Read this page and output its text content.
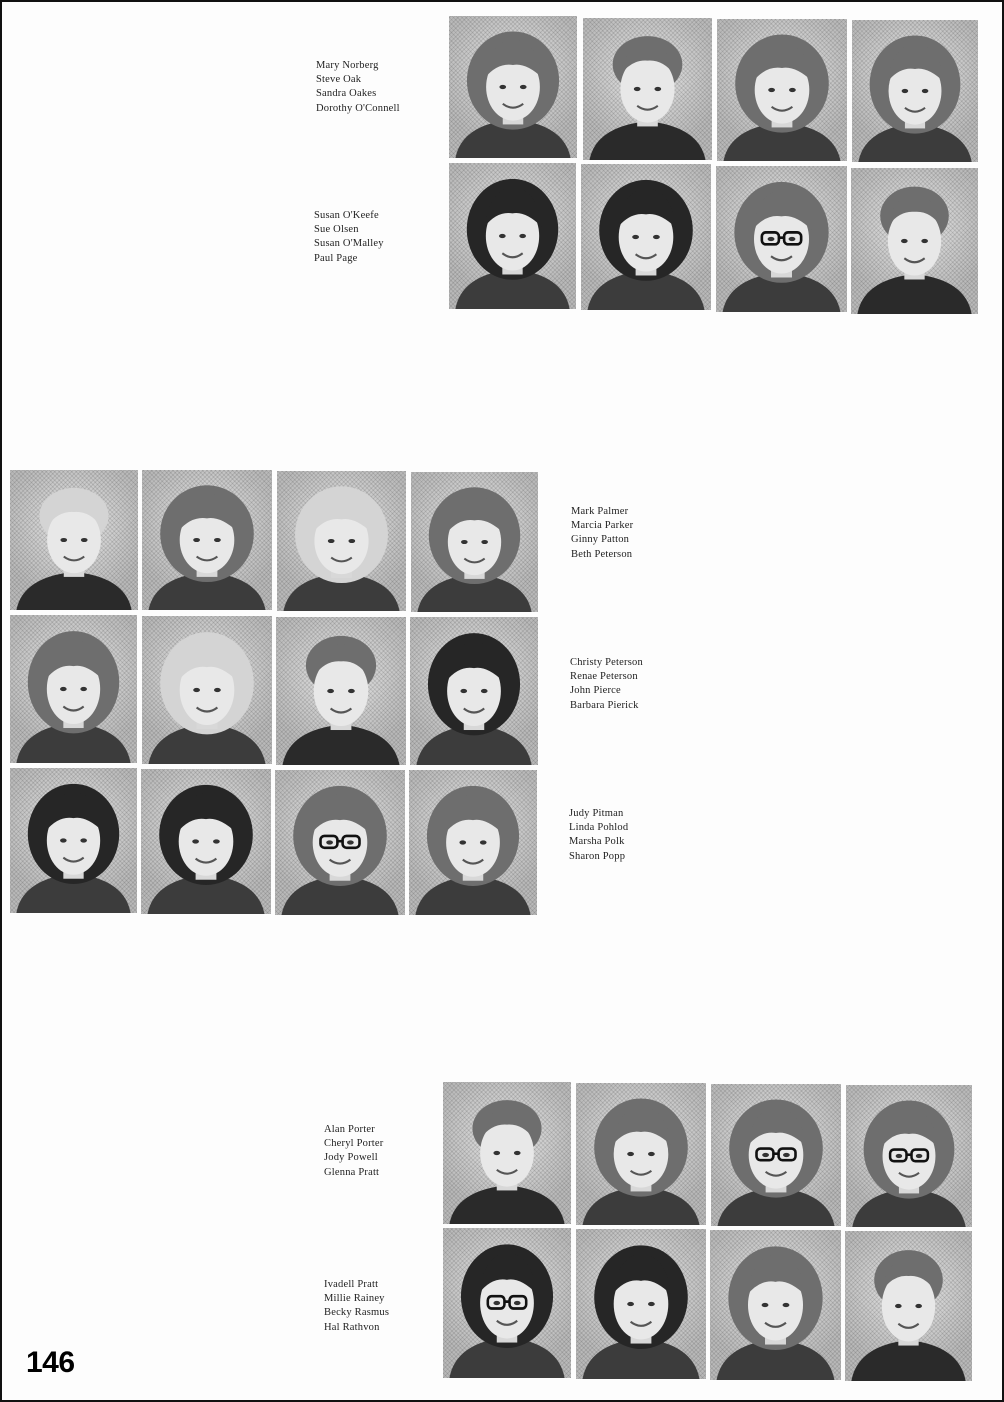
Mary Norberg
Steve Oak
Sandra Oakes
Dorothy O'Connell
Susan O'Keefe
Sue Olsen
Susan O'Malley
Paul Page
Mark Palmer
Marcia Parker
Ginny Patton
Beth Peterson
Christy Peterson
Renae Peterson
John Pierce
Barbara Pierick
Judy Pitman
Linda Pohlod
Marsha Polk
Sharon Popp
Alan Porter
Cheryl Porter
Jody Powell
Glenna Pratt
Ivadell Pratt
Millie Rainey
Becky Rasmus
Hal Rathvon
146
